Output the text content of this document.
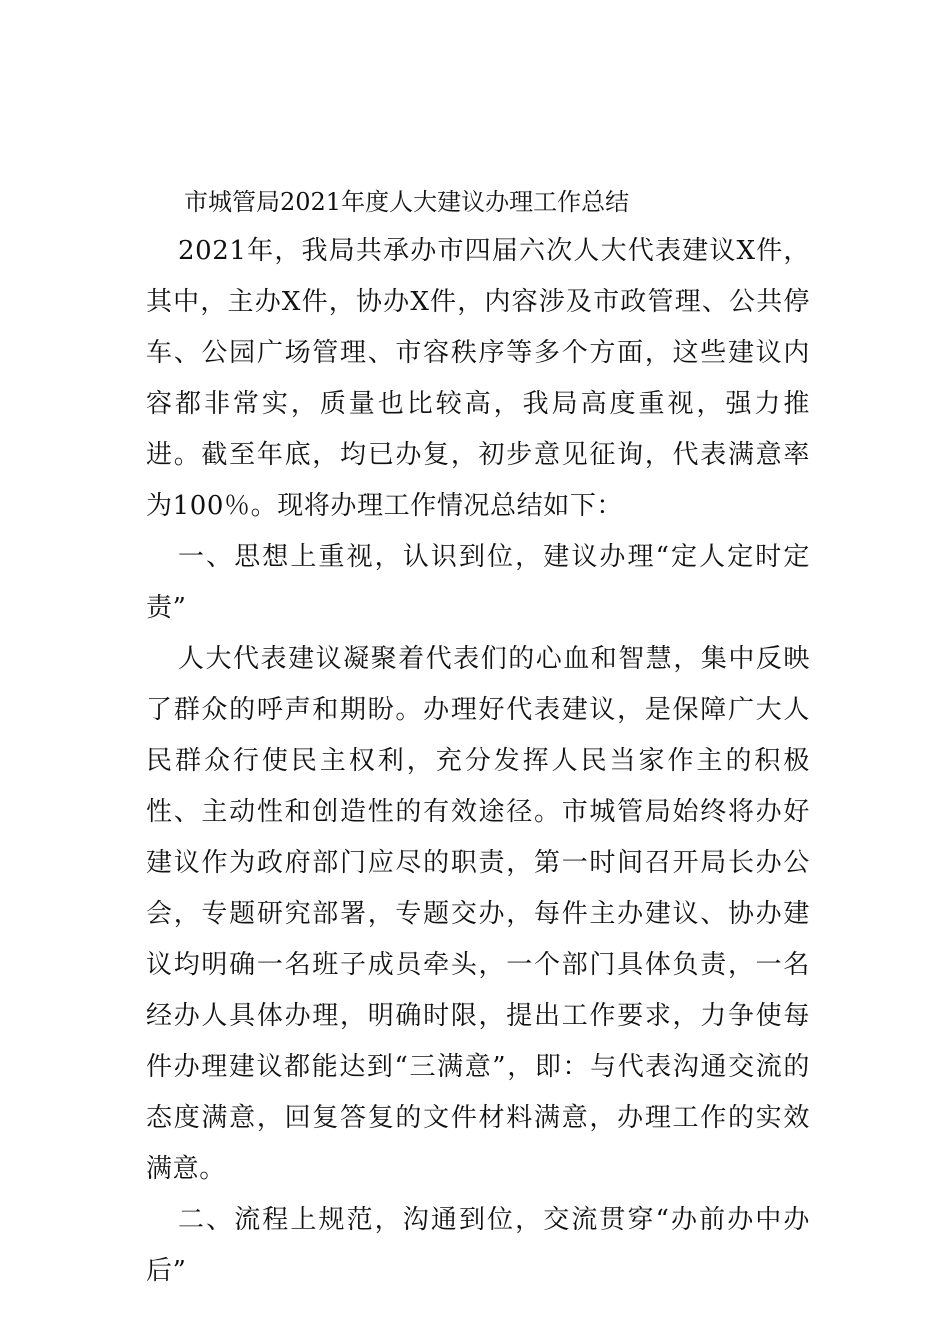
市城管局2021年度人大建议办理工作总结

2021年，我局共承办市四届六次人大代表建议X件，其中，主办X件，协办X件，内容涉及市政管理、公共停车、公园广场管理、市容秩序等多个方面，这些建议内容都非常实，质量也比较高，我局高度重视，强力推进。截至年底，均已办复，初步意见征询，代表满意率为100％。现将办理工作情况总结如下：

一、思想上重视，认识到位，建议办理“定人定时定责”

人大代表建议凝聚着代表们的心血和智慧，集中反映了群众的呼声和期盼。办理好代表建议，是保障广大人民群众行使民主权利，充分发挥人民当家作主的积极性、主动性和创造性的有效途径。市城管局始终将办好建议作为政府部门应尽的职责，第一时间召开局长办公会，专题研究部署，专题交办，每件主办建议、协办建议均明确一名班子成员牵头，一个部门具体负责，一名经办人具体办理，明确时限，提出工作要求，力争使每件办理建议都能达到“三满意”，即：与代表沟通交流的态度满意，回复答复的文件材料满意，办理工作的实效满意。

二、流程上规范，沟通到位，交流贯穿“办前办中办后”
